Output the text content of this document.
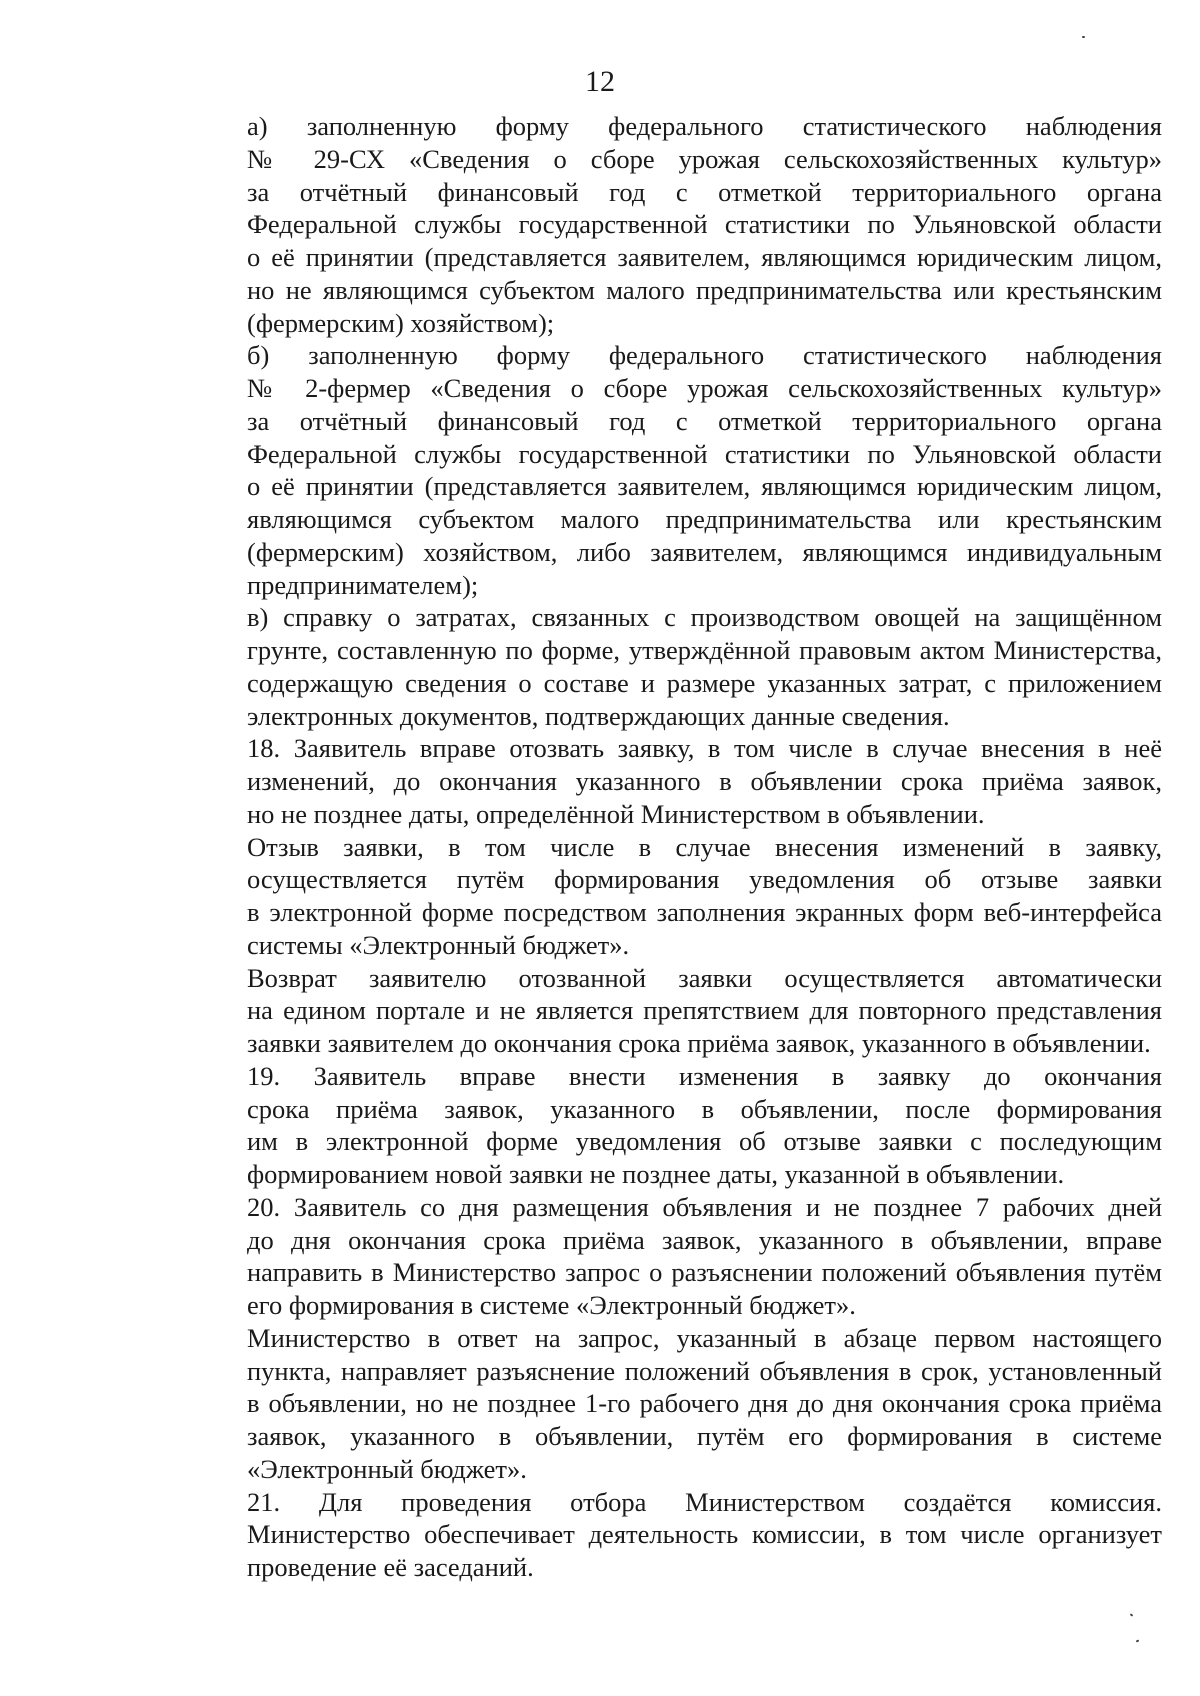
12

а) заполненную форму федерального статистического наблюдения
№ 29-СХ «Сведения о сборе урожая сельскохозяйственных культур»
за отчётный финансовый год с отметкой территориального органа
Федеральной службы государственной статистики по Ульяновской области
о её принятии (представляется заявителем, являющимся юридическим лицом,
но не являющимся субъектом малого предпринимательства или крестьянским
(фермерским) хозяйством);

б) заполненную форму федерального статистического наблюдения
№ 2-фермер «Сведения о сборе урожая сельскохозяйственных культур»
за отчётный финансовый год с отметкой территориального органа
Федеральной службы государственной статистики по Ульяновской области
о её принятии (представляется заявителем, являющимся юридическим лицом,
являющимся субъектом малого предпринимательства или крестьянским
(фермерским) хозяйством, либо заявителем, являющимся индивидуальным
предпринимателем);

в) справку о затратах, связанных с производством овощей на защищённом
грунте, составленную по форме, утверждённой правовым актом Министерства,
содержащую сведения о составе и размере указанных затрат, с приложением
электронных документов, подтверждающих данные сведения.

18. Заявитель вправе отозвать заявку, в том числе в случае внесения в неё
изменений, до окончания указанного в объявлении срока приёма заявок,
но не позднее даты, определённой Министерством в объявлении.

Отзыв заявки, в том числе в случае внесения изменений в заявку,
осуществляется путём формирования уведомления об отзыве заявки
в электронной форме посредством заполнения экранных форм веб-интерфейса
системы «Электронный бюджет».

Возврат заявителю отозванной заявки осуществляется автоматически
на едином портале и не является препятствием для повторного представления
заявки заявителем до окончания срока приёма заявок, указанного в объявлении.

19. Заявитель вправе внести изменения в заявку до окончания
срока приёма заявок, указанного в объявлении, после формирования
им в электронной форме уведомления об отзыве заявки с последующим
формированием новой заявки не позднее даты, указанной в объявлении.

20. Заявитель со дня размещения объявления и не позднее 7 рабочих дней
до дня окончания срока приёма заявок, указанного в объявлении, вправе
направить в Министерство запрос о разъяснении положений объявления путём
его формирования в системе «Электронный бюджет».

Министерство в ответ на запрос, указанный в абзаце первом настоящего
пункта, направляет разъяснение положений объявления в срок, установленный
в объявлении, но не позднее 1-го рабочего дня до дня окончания срока приёма
заявок, указанного в объявлении, путём его формирования в системе
«Электронный бюджет».

21. Для проведения отбора Министерством создаётся комиссия.
Министерство обеспечивает деятельность комиссии, в том числе организует
проведение её заседаний.
